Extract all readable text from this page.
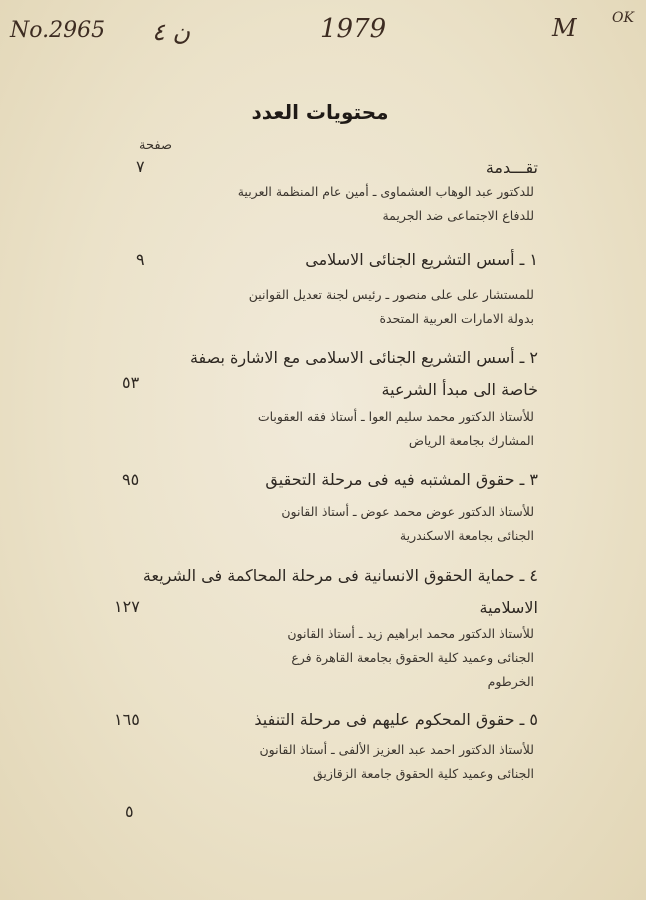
No.2965 ن ٤	1979	M	OK
محتويات العدد
صفحة
تقـــدمة
للدكتور عبد الوهاب العشماوى ـ أمين عام المنظمة العربية
للدفاع الاجتماعى ضد الجريمة
٧
١ ـ أسس التشريع الجنائى الاسلامى
للمستشار على على منصور ـ رئيس لجنة تعديل القوانين
بدولة الامارات العربية المتحدة
٩
٢ ـ أسس التشريع الجنائى الاسلامى مع الاشارة بصفة
خاصة الى مبدأ الشرعية
للأستاذ الدكتور محمد سليم العوا ـ أستاذ فقه العقوبات
المشارك بجامعة الرياض
٥٣
٣ ـ حقوق المشتبه فيه فى مرحلة التحقيق
للأستاذ الدكتور عوض محمد عوض ـ أستاذ القانون
الجنائى بجامعة الاسكندرية
٩٥
٤ ـ حماية الحقوق الانسانية فى مرحلة المحاكمة فى الشريعة
الاسلامية
للأستاذ الدكتور محمد ابراهيم زيد ـ أستاذ القانون
الجنائى وعميد كلية الحقوق بجامعة القاهرة فرع
الخرطوم
١٢٧
٥ ـ حقوق المحكوم عليهم فى مرحلة التنفيذ
للأستاذ الدكتور احمد عبد العزيز الألفى ـ أستاذ القانون
الجنائى وعميد كلية الحقوق جامعة الزقازيق
١٦٥
٥
